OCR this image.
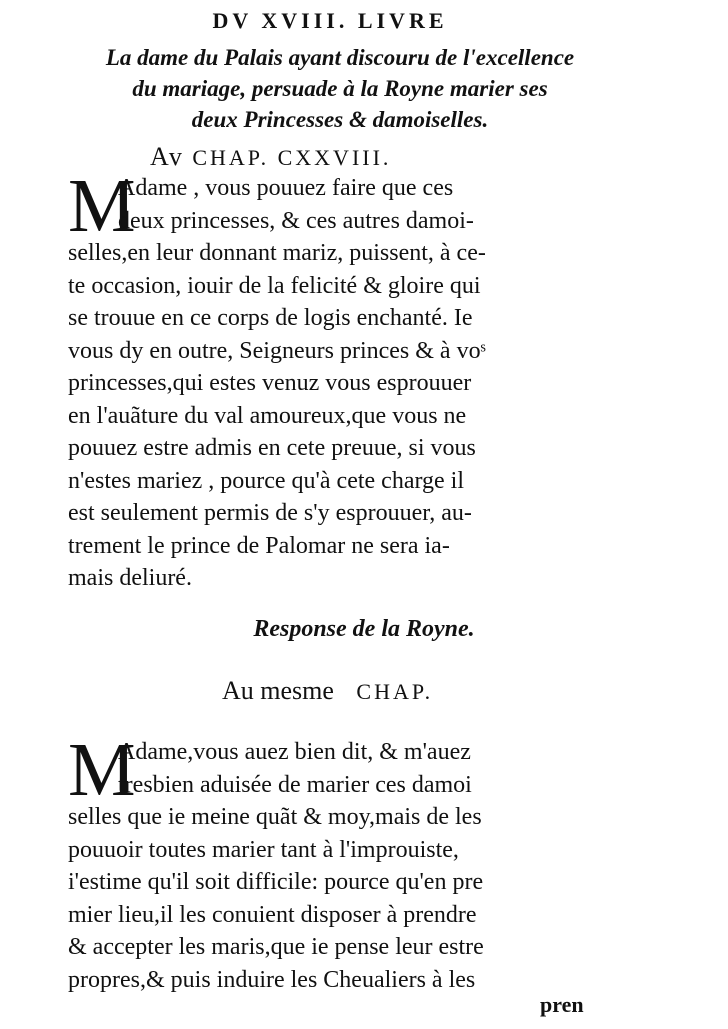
DV XVIII. LIVRE
La dame du Palais ayant discouru de l'excellence
du mariage, persuade à la Royne marier ses
deux Princesses & damoiselles.
Av CHAP. CXXVIII.
M
Adame , vous pouuez faire que ces
deux princesses, & ces autres damoi-
selles,en leur donnant mariz, puissent, à ce-
te occasion, iouir de la felicité & gloire qui
se trouue en ce corps de logis enchanté. Ie
vous dy en outre, Seigneurs princes & à voˢ
princesses,qui estes venuz vous esprouuer
en l'auãture du val amoureux,que vous ne
pouuez estre admis en cete preuue, si vous
n'estes mariez , pource qu'à cete charge il
est seulement permis de s'y esprouuer, au-
trement le prince de Palomar ne sera ia-
mais deliuré.
Response de la Royne.
Au mesme CHAP.
M
Adame,vous auez bien dit, & m'auez
tresbien aduisée de marier ces damoi
selles que ie meine quãt & moy,mais de les
pouuoir toutes marier tant à l'improuiste,
i'estime qu'il soit difficile: pource qu'en pre
mier lieu,il les conuient disposer à prendre
& accepter les maris,que ie pense leur estre
propres,& puis induire les Cheualiers à les
pren
